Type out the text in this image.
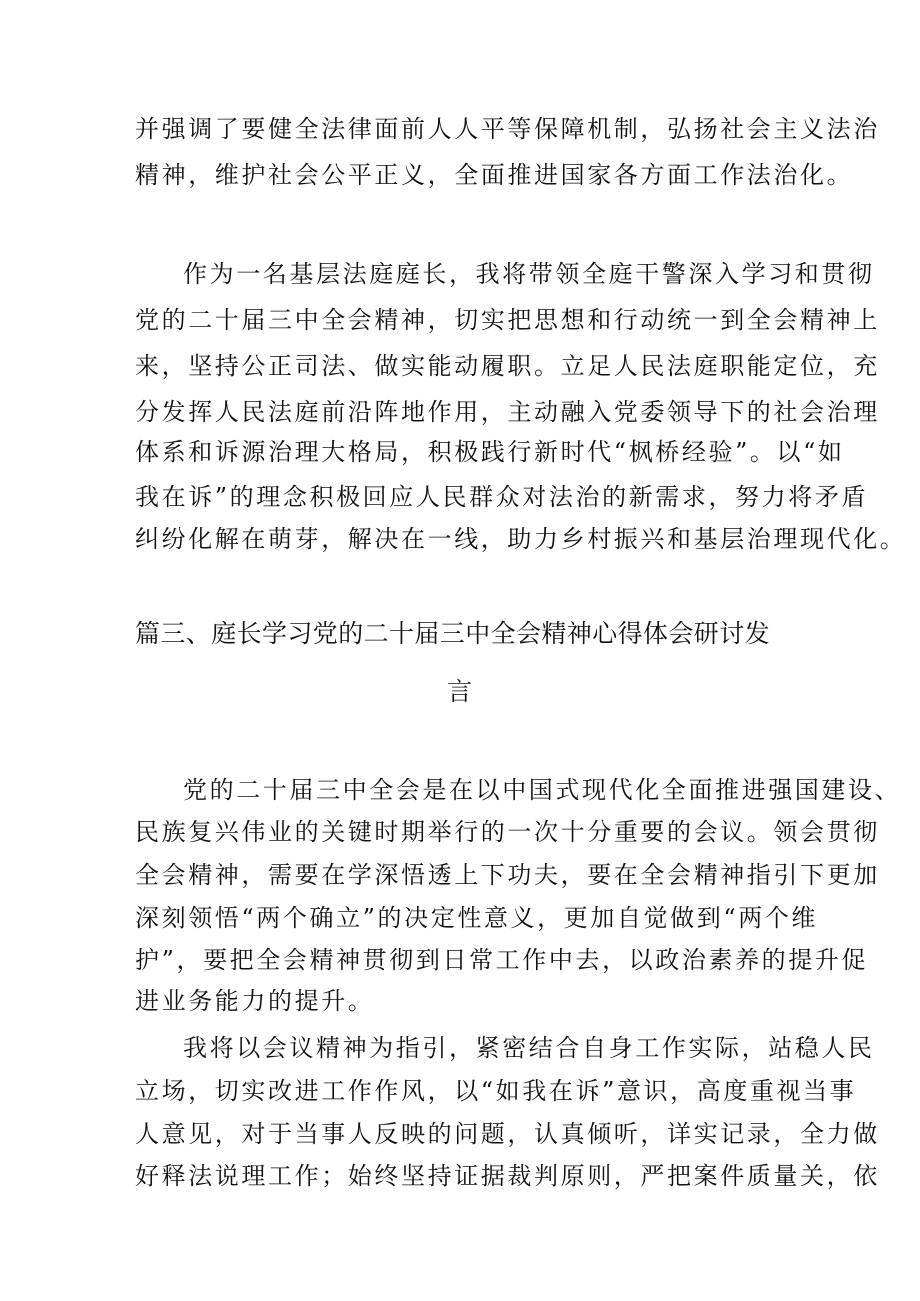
并强调了要健全法律面前人人平等保障机制，弘扬社会主义法治
精神，维护社会公平正义，全面推进国家各方面工作法治化。
作为一名基层法庭庭长，我将带领全庭干警深入学习和贯彻
党的二十届三中全会精神，切实把思想和行动统一到全会精神上
来，坚持公正司法、做实能动履职。立足人民法庭职能定位，充
分发挥人民法庭前沿阵地作用，主动融入党委领导下的社会治理
体系和诉源治理大格局，积极践行新时代“枫桥经验”。以“如
我在诉”的理念积极回应人民群众对法治的新需求，努力将矛盾
纠纷化解在萌芽，解决在一线，助力乡村振兴和基层治理现代化。
篇三、庭长学习党的二十届三中全会精神心得体会研讨发
言
党的二十届三中全会是在以中国式现代化全面推进强国建设、
民族复兴伟业的关键时期举行的一次十分重要的会议。领会贯彻
全会精神，需要在学深悟透上下功夫，要在全会精神指引下更加
深刻领悟“两个确立”的决定性意义，更加自觉做到“两个维
护”，要把全会精神贯彻到日常工作中去，以政治素养的提升促
进业务能力的提升。
我将以会议精神为指引，紧密结合自身工作实际，站稳人民
立场，切实改进工作作风，以“如我在诉”意识，高度重视当事
人意见，对于当事人反映的问题，认真倾听，详实记录，全力做
好释法说理工作；始终坚持证据裁判原则，严把案件质量关，依
